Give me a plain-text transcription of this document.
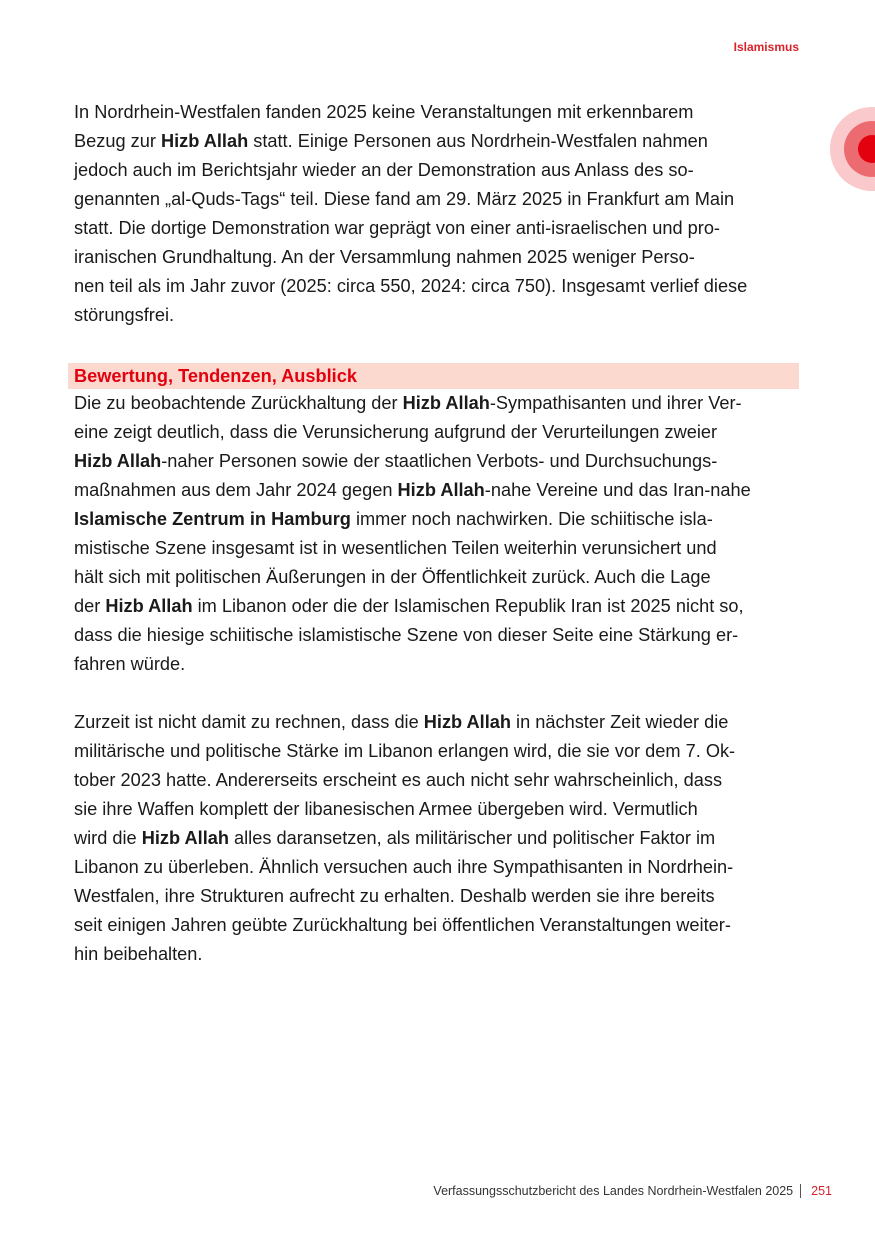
Islamismus

In Nordrhein-Westfalen fanden 2025 keine Veranstaltungen mit erkennbarem
Bezug zur Hizb Allah statt. Einige Personen aus Nordrhein-Westfalen nahmen
jedoch auch im Berichtsjahr wieder an der Demonstration aus Anlass des so-
genannten „al-Quds-Tags“ teil. Diese fand am 29. März 2025 in Frankfurt am Main
statt. Die dortige Demonstration war geprägt von einer anti-israelischen und pro-
iranischen Grundhaltung. An der Versammlung nahmen 2025 weniger Perso-
nen teil als im Jahr zuvor (2025: circa 550, 2024: circa 750). Insgesamt verlief diese
störungsfrei.

Bewertung, Tendenzen, Ausblick

Die zu beobachtende Zurückhaltung der Hizb Allah-Sympathisanten und ihrer Ver-
eine zeigt deutlich, dass die Verunsicherung aufgrund der Verurteilungen zweier
Hizb Allah-naher Personen sowie der staatlichen Verbots- und Durchsuchungs-
maßnahmen aus dem Jahr 2024 gegen Hizb Allah-nahe Vereine und das Iran-nahe
Islamische Zentrum in Hamburg immer noch nachwirken. Die schiitische isla-
mistische Szene insgesamt ist in wesentlichen Teilen weiterhin verunsichert und
hält sich mit politischen Äußerungen in der Öffentlichkeit zurück. Auch die Lage
der Hizb Allah im Libanon oder die der Islamischen Republik Iran ist 2025 nicht so,
dass die hiesige schiitische islamistische Szene von dieser Seite eine Stärkung er-
fahren würde.

Zurzeit ist nicht damit zu rechnen, dass die Hizb Allah in nächster Zeit wieder die
militärische und politische Stärke im Libanon erlangen wird, die sie vor dem 7. Ok-
tober 2023 hatte. Andererseits erscheint es auch nicht sehr wahrscheinlich, dass
sie ihre Waffen komplett der libanesischen Armee übergeben wird. Vermutlich
wird die Hizb Allah alles daransetzen, als militärischer und politischer Faktor im
Libanon zu überleben. Ähnlich versuchen auch ihre Sympathisanten in Nordrhein-
Westfalen, ihre Strukturen aufrecht zu erhalten. Deshalb werden sie ihre bereits
seit einigen Jahren geübte Zurückhaltung bei öffentlichen Veranstaltungen weiter-
hin beibehalten.

Verfassungsschutzbericht des Landes Nordrhein-Westfalen 2025 251
